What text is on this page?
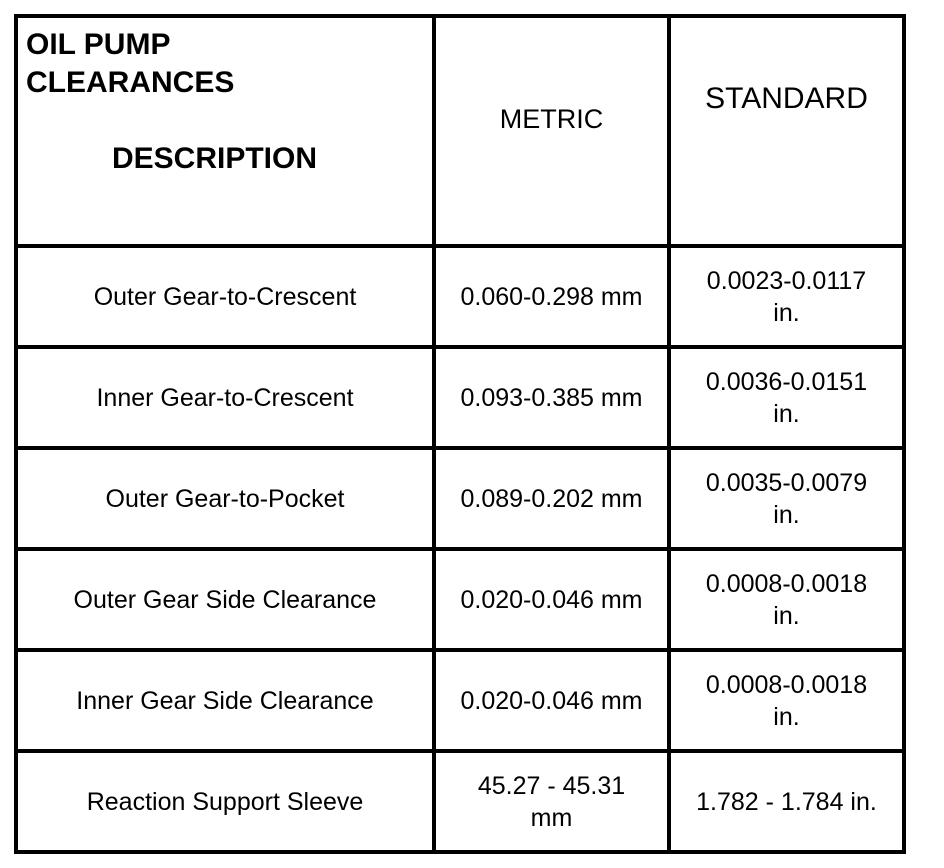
OIL PUMP
CLEARANCES
DESCRIPTION	METRIC	STANDARD

Outer Gear-to-Crescent	0.060-0.298 mm	0.0023-0.0117
in.

Inner Gear-to-Crescent	0.093-0.385 mm	0.0036-0.0151
in.

Outer Gear-to-Pocket	0.089-0.202 mm	0.0035-0.0079
in.

Outer Gear Side Clearance	0.020-0.046 mm	0.0008-0.0018
in.

Inner Gear Side Clearance	0.020-0.046 mm	0.0008-0.0018
in.

Reaction Support Sleeve	45.27 - 45.31
mm	1.782 - 1.784 in.
